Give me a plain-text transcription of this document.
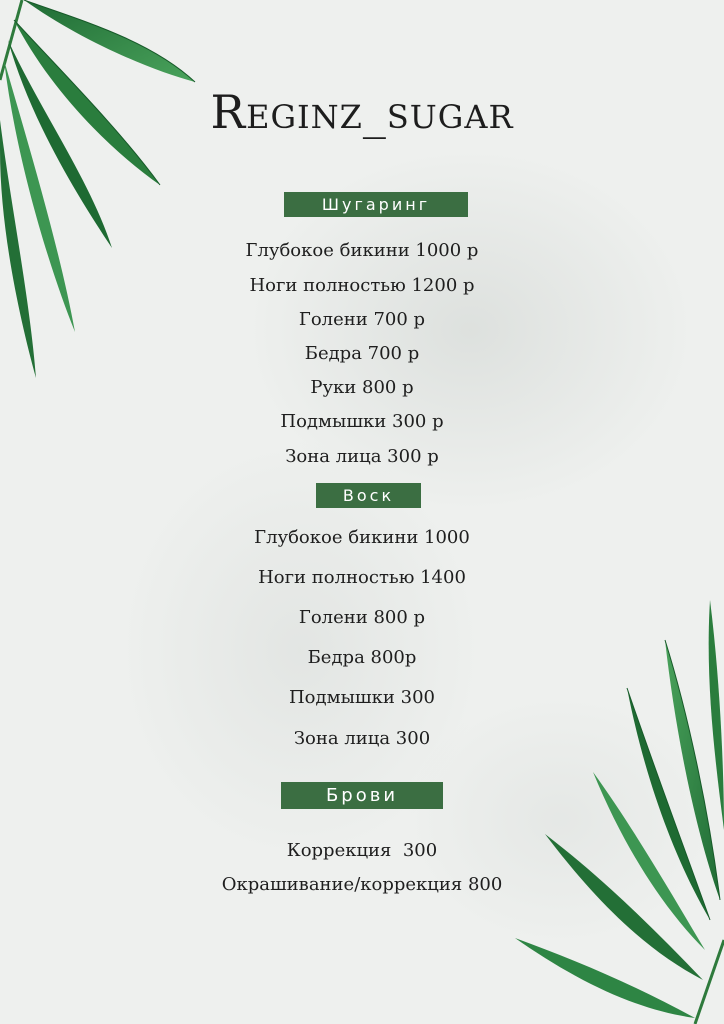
Reginz_sugar
Шугаринг
Глубокое бикини 1000 р
Ноги полностью 1200 р
Голени 700 р
Бедра 700 р
Руки 800 р
Подмышки 300 р
Зона лица 300 р
Воск
Глубокое бикини 1000
Ноги полностью 1400
Голени 800 р
Бедра 800р
Подмышки 300
Зона лица 300
Брови
Коррекция  300
Окрашивание/коррекция 800
